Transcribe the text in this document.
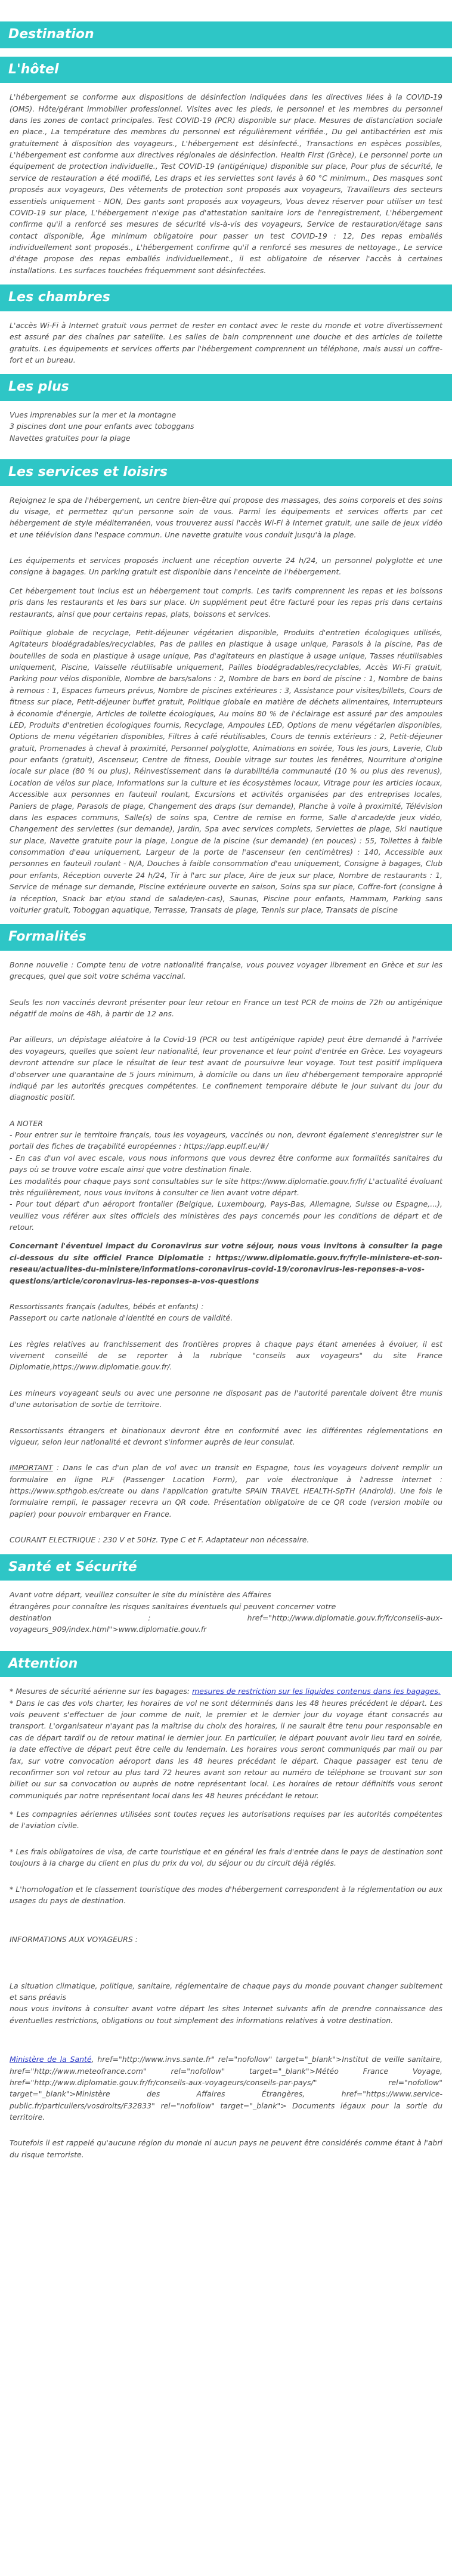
Destination
L'hôtel

L'hébergement se conforme aux dispositions de désinfection indiquées dans les directives liées à la COVID-19 (OMS). Hôte/gérant immobilier professionnel. Visites avec les pieds, le personnel et les membres du personnel dans les zones de contact principales. Test COVID-19 (PCR) disponible sur place. Mesures de distanciation sociale en place., La température des membres du personnel est régulièrement vérifiée., Du gel antibactérien est mis gratuitement à disposition des voyageurs., L'hébergement est désinfecté., Transactions en espèces possibles, L'hébergement est conforme aux directives régionales de désinfection. Health First (Grèce), Le personnel porte un équipement de protection individuelle., Test COVID-19 (antigénique) disponible sur place, Pour plus de sécurité, le service de restauration a été modifié, Les draps et les serviettes sont lavés à 60 °C minimum., Des masques sont proposés aux voyageurs, Des vêtements de protection sont proposés aux voyageurs, Travailleurs des secteurs essentiels uniquement - NON, Des gants sont proposés aux voyageurs, Vous devez réserver pour utiliser un test COVID-19 sur place, L'hébergement n'exige pas d'attestation sanitaire lors de l'enregistrement, L'hébergement confirme qu'il a renforcé ses mesures de sécurité vis-à-vis des voyageurs, Service de restauration/étage sans contact disponible, Âge minimum obligatoire pour passer un test COVID-19 : 12, Des repas emballés individuellement sont proposés., L'hébergement confirme qu'il a renforcé ses mesures de nettoyage., Le service d'étage propose des repas emballés individuellement., il est obligatoire de réserver l'accès à certaines installations. Les surfaces touchées fréquemment sont désinfectées.

Les chambres

L'accès Wi-Fi à Internet gratuit vous permet de rester en contact avec le reste du monde et votre divertissement est assuré par des chaînes par satellite. Les salles de bain comprennent une douche et des articles de toilette gratuits. Les équipements et services offerts par l'hébergement comprennent un téléphone, mais aussi un coffre-fort et un bureau.

Les plus

Vues imprenables sur la mer et la montagne

3 piscines dont une pour enfants avec toboggans

Navettes gratuites pour la plage

Les services et loisirs

Rejoignez le spa de l'hébergement, un centre bien-être qui propose des massages, des soins corporels et des soins du visage, et permettez qu'un personne soin de vous. Parmi les équipements et services offerts par cet hébergement de style méditerranéen, vous trouverez aussi l'accès Wi-Fi à Internet gratuit, une salle de jeux vidéo et une télévision dans l'espace commun. Une navette gratuite vous conduit jusqu'à la plage.

Les équipements et services proposés incluent une réception ouverte 24 h/24, un personnel polyglotte et une consigne à bagages. Un parking gratuit est disponible dans l'enceinte de l'hébergement.

Cet hébergement tout inclus est un hébergement tout compris. Les tarifs comprennent les repas et les boissons pris dans les restaurants et les bars sur place. Un supplément peut être facturé pour les repas pris dans certains restaurants, ainsi que pour certains repas, plats, boissons et services.

Politique globale de recyclage, Petit-déjeuner végétarien disponible, Produits d'entretien écologiques utilisés, Agitateurs biodégradables/recyclables, Pas de pailles en plastique à usage unique, Parasols à la piscine, Pas de bouteilles de soda en plastique à usage unique, Pas d'agitateurs en plastique à usage unique, Tasses réutilisables uniquement, Piscine, Vaisselle réutilisable uniquement, Pailles biodégradables/recyclables, Accès Wi-Fi gratuit, Parking pour vélos disponible, Nombre de bars/salons : 2, Nombre de bars en bord de piscine : 1, Nombre de bains à remous : 1, Espaces fumeurs prévus, Nombre de piscines extérieures : 3, Assistance pour visites/billets, Cours de fitness sur place, Petit-déjeuner buffet gratuit, Politique globale en matière de déchets alimentaires, Interrupteurs à économie d'énergie, Articles de toilette écologiques, Au moins 80 % de l'éclairage est assuré par des ampoules LED, Produits d'entretien écologiques fournis, Recyclage, Ampoules LED, Options de menu végétarien disponibles, Options de menu végétarien disponibles, Filtres à café réutilisables, Cours de tennis extérieurs : 2, Petit-déjeuner gratuit, Promenades à cheval à proximité, Personnel polyglotte, Animations en soirée, Tous les jours, Laverie, Club pour enfants (gratuit), Ascenseur, Centre de fitness, Double vitrage sur toutes les fenêtres, Nourriture d'origine locale sur place (80 % ou plus), Réinvestissement dans la durabilité/la communauté (10 % ou plus des revenus), Location de vélos sur place, Informations sur la culture et les écosystèmes locaux, Vitrage pour les articles locaux, Accessible aux personnes en fauteuil roulant, Excursions et activités organisées par des entreprises locales, Paniers de plage, Parasols de plage, Changement des draps (sur demande), Planche à voile à proximité, Télévision dans les espaces communs, Salle(s) de soins spa, Centre de remise en forme, Salle d'arcade/de jeux vidéo, Changement des serviettes (sur demande), Jardin, Spa avec services complets, Serviettes de plage, Ski nautique sur place, Navette gratuite pour la plage, Longue de la piscine (sur demande) (en pouces) : 55, Toilettes à faible consommation d'eau uniquement, Largeur de la porte de l'ascenseur (en centimètres) : 140, Accessible aux personnes en fauteuil roulant - N/A, Douches à faible consommation d'eau uniquement, Consigne à bagages, Club pour enfants, Réception ouverte 24 h/24, Tir à l'arc sur place, Aire de jeux sur place, Nombre de restaurants : 1, Service de ménage sur demande, Piscine extérieure ouverte en saison, Soins spa sur place, Coffre-fort (consigne à la réception, Snack bar et/ou stand de salade/en-cas), Saunas, Piscine pour enfants, Hammam, Parking sans voiturier gratuit, Toboggan aquatique, Terrasse, Transats de plage, Tennis sur place, Transats de piscine

Formalités

Bonne nouvelle : Compte tenu de votre nationalité française, vous pouvez voyager librement en Grèce et sur les grecques, quel que soit votre schéma vaccinal.

Seuls les non vaccinés devront présenter pour leur retour en France un test PCR de moins de 72h ou antigénique négatif de moins de 48h, à partir de 12 ans.

Par ailleurs, un dépistage aléatoire à la Covid-19 (PCR ou test antigénique rapide) peut être demandé à l'arrivée des voyageurs, quelles que soient leur nationalité, leur provenance et leur point d'entrée en Grèce. Les voyageurs devront attendre sur place le résultat de leur test avant de poursuivre leur voyage. Tout test positif impliquera d'observer une quarantaine de 5 jours minimum, à domicile ou dans un lieu d'hébergement temporaire approprié indiqué par les autorités grecques compétentes. Le confinement temporaire débute le jour suivant du jour du diagnostic positif.

A NOTER

- Pour entrer sur le territoire français, tous les voyageurs, vaccinés ou non, devront également s'enregistrer sur le portail des fiches de traçabilité européennes : https://app.euplf.eu/#/

- En cas d'un vol avec escale, vous nous informons que vous devrez être conforme aux formalités sanitaires du pays où se trouve votre escale ainsi que votre destination finale.

Les modalités pour chaque pays sont consultables sur le site https://www.diplomatie.gouv.fr/fr/ L'actualité évoluant très régulièrement, nous vous invitons à consulter ce lien avant votre départ.

- Pour tout départ d'un aéroport frontalier (Belgique, Luxembourg, Pays-Bas, Allemagne, Suisse ou Espagne,...), veuillez vous référer aux sites officiels des ministères des pays concernés pour les conditions de départ et de retour.

Concernant l'éventuel impact du Coronavirus sur votre séjour, nous vous invitons à consulter la page ci-dessous du site officiel France Diplomatie : https://www.diplomatie.gouv.fr/fr/le-ministere-et-son-reseau/actualites-du-ministere/informations-coronavirus-covid-19/coronavirus-les-reponses-a-vos-questions/article/coronavirus-les-reponses-a-vos-questions

Ressortissants français (adultes, bébés et enfants) :

Passeport ou carte nationale d'identité en cours de validité.

Les règles relatives au franchissement des frontières propres à chaque pays étant amenées à évoluer, il est vivement conseillé de se reporter à la rubrique "conseils aux voyageurs" du site France Diplomatie,https://www.diplomatie.gouv.fr/.

Les mineurs voyageant seuls ou avec une personne ne disposant pas de l'autorité parentale doivent être munis d'une autorisation de sortie de territoire.

Ressortissants étrangers et binationaux devront être en conformité avec les différentes réglementations en vigueur, selon leur nationalité et devront s'informer auprès de leur consulat.

IMPORTANT : Dans le cas d'un plan de vol avec un transit en Espagne, tous les voyageurs doivent remplir un formulaire en ligne PLF (Passenger Location Form), par voie électronique à l'adresse internet : https://www.spthgob.es/create ou dans l'application gratuite SPAIN TRAVEL HEALTH-SpTH (Android). Une fois le formulaire rempli, le passager recevra un QR code. Présentation obligatoire de ce QR code (version mobile ou papier) pour pouvoir embarquer en France.

COURANT ELECTRIQUE : 230 V et 50Hz. Type C et F. Adaptateur non nécessaire.

Santé et Sécurité

Avant votre départ, veuillez consulter le site du ministère des Affaires

étrangères pour connaître les risques sanitaires éventuels qui peuvent concerner votre

destination : href="http://www.diplomatie.gouv.fr/fr/conseils-aux-voyageurs_909/index.html">www.diplomatie.gouv.fr

Attention

* Mesures de sécurité aérienne sur les bagages: mesures de restriction sur les liquides contenus dans les bagages.

* Dans le cas des vols charter, les horaires de vol ne sont déterminés dans les 48 heures précédent le départ. Les vols peuvent s'effectuer de jour comme de nuit, le premier et le dernier jour du voyage étant consacrés au transport. L'organisateur n'ayant pas la maîtrise du choix des horaires, il ne saurait être tenu pour responsable en cas de départ tardif ou de retour matinal le dernier jour. En particulier, le départ pouvant avoir lieu tard en soirée, la date effective de départ peut être celle du lendemain. Les horaires vous seront communiqués par mail ou par fax, sur votre convocation aéroport dans les 48 heures précédant le départ. Chaque passager est tenu de reconfirmer son vol retour au plus tard 72 heures avant son retour au numéro de téléphone se trouvant sur son billet ou sur sa convocation ou auprès de notre représentant local. Les horaires de retour définitifs vous seront communiqués par notre représentant local dans les 48 heures précédant le retour.

* Les compagnies aériennes utilisées sont toutes reçues les autorisations requises par les autorités compétentes de l'aviation civile.

* Les frais obligatoires de visa, de carte touristique et en général les frais d'entrée dans le pays de destination sont toujours à la charge du client en plus du prix du vol, du séjour ou du circuit déjà réglés.

* L'homologation et le classement touristique des modes d'hébergement correspondent à la réglementation ou aux usages du pays de destination.

INFORMATIONS AUX VOYAGEURS :

La situation climatique, politique, sanitaire, réglementaire de chaque pays du monde pouvant changer subitement et sans préavis

nous vous invitons à consulter avant votre départ les sites Internet suivants afin de prendre connaissance des éventuelles restrictions, obligations ou tout simplement des informations relatives à votre destination.

Ministère de la Santé, href="http://www.invs.sante.fr" rel="nofollow" target="_blank">Institut de veille sanitaire, href="http://www.meteofrance.com" rel="nofollow" target="_blank">Météo France Voyage, href="http://www.diplomatie.gouv.fr/fr/conseils-aux-voyageurs/conseils-par-pays/" rel="nofollow" target="_blank">Ministère des Affaires Étrangères, href="https://www.service-public.fr/particuliers/vosdroits/F32833" rel="nofollow" target="_blank"> Documents légaux pour la sortie du territoire.

Toutefois il est rappelé qu'aucune région du monde ni aucun pays ne peuvent être considérés comme étant à l'abri du risque terroriste.
